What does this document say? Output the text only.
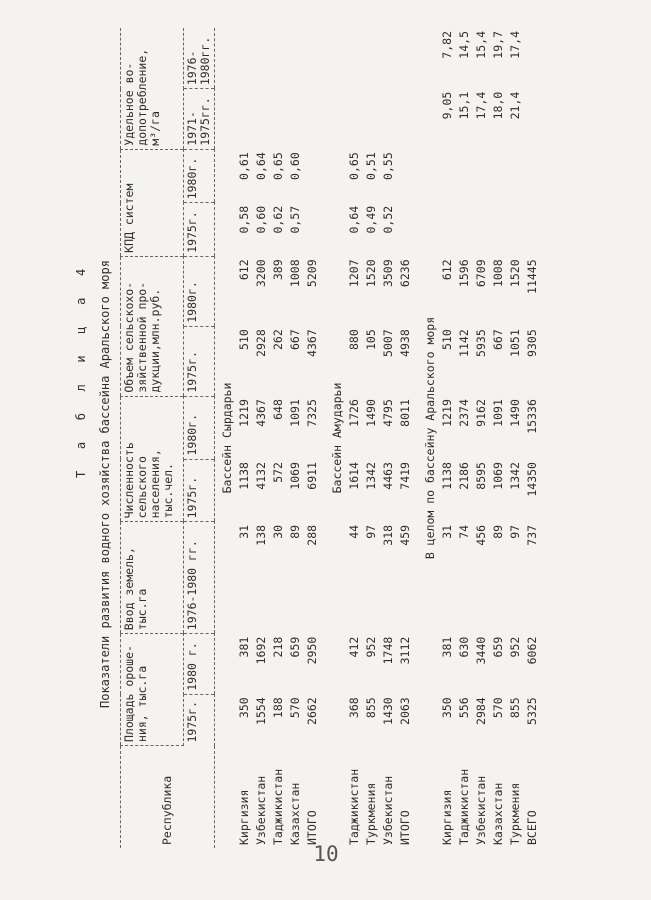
Т а б л и ц а 4 Показатели развития водного хозяйства бассейна Аральского моря
Республика	Площадь ороше- ния, тыс.га		Ввод земель, тыс.га	Численность сельского населения, тыс.чел.		Объем сельскохо- зяйственной про- дукции,млн.руб.		КПД систем		Удельное во- допотребление, м³/га	
	1975г.	1980 г.	1976-1980 гг.	1975г.	1980г.	1975г.	1980г.	1975г.	1980г.	1971- 1975гг.	1976- 1980гг.
Бассейн Сырдарьи											
Киргизия	350	381	31	1138	1219	510	612	0,58	0,61		
Узбекистан	1554	1692	138	4132	4367	2928	3200	0,60	0,64		
Таджикистан	188	218	30	572	648	262	389	0,62	0,65		
Казахстан	570	659	89	1069	1091	667	1008	0,57	0,60		
ИТОГО	2662	2950	288	6911	7325	4367	5209				
Бассейн Амударьи											
Таджикистан	368	412	44	1614	1726	880	1207	0,64	0,65		
Туркмения	855	952	97	1342	1490	105	1520	0,49	0,51		
Узбекистан	1430	1748	318	4463	4795	5007	3509	0,52	0,55		
ИТОГО	2063	3112	459	7419	8011	4938	6236				
В целом по бассейну Аральского моря											
Киргизия	350	381	31	1138	1219	510	612			9,05	7,82
Таджикистан	556	630	74	2186	2374	1142	1596			15,1	14,5
Узбекистан	2984	3440	456	8595	9162	5935	6709			17,4	15,4
Казахстан	570	659	89	1069	1091	667	1008			18,0	19,7
Туркмения	855	952	97	1342	1490	1051	1520			21,4	17,4
ВСЕГО	5325	6062	737	14350	15336	9305	11445				
10
